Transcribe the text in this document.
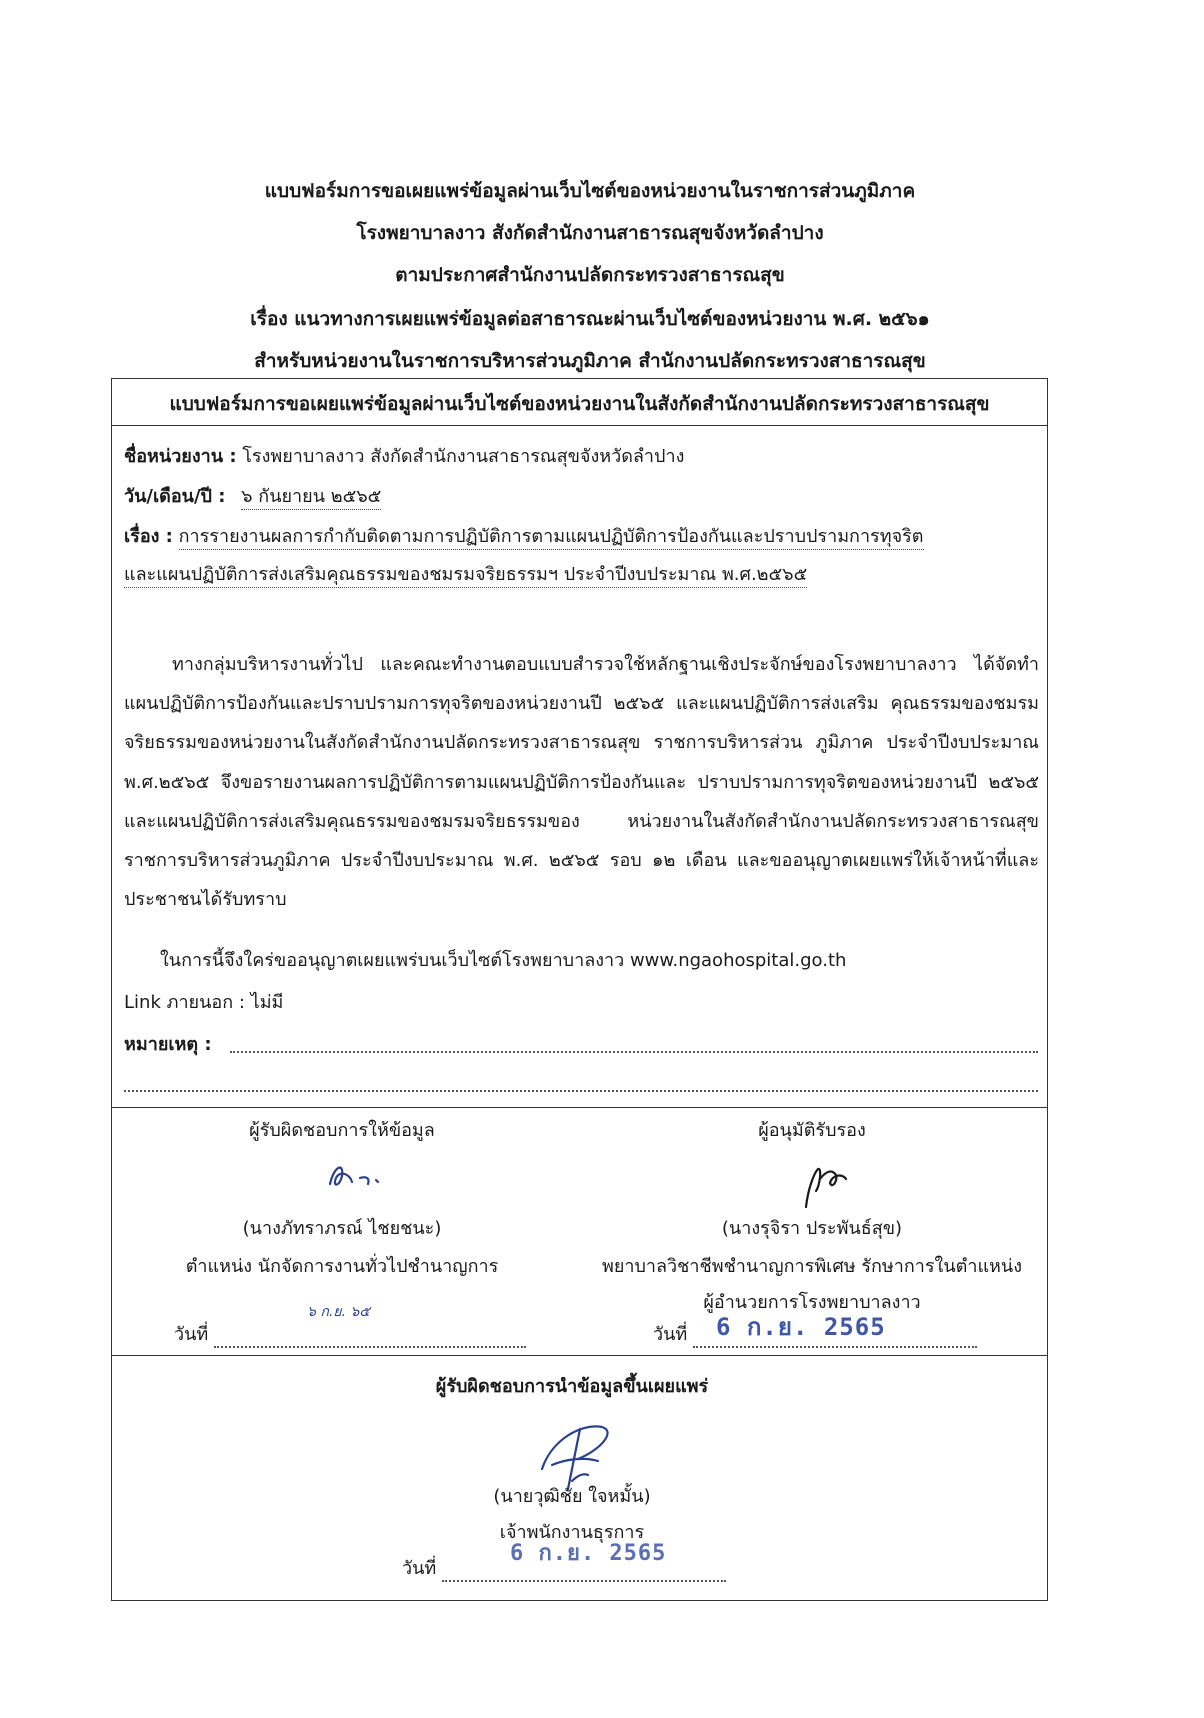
แบบฟอร์มการขอเผยแพร่ข้อมูลผ่านเว็บไซต์ของหน่วยงานในราชการส่วนภูมิภาค
โรงพยาบาลงาว สังกัดสำนักงานสาธารณสุขจังหวัดลำปาง
ตามประกาศสำนักงานปลัดกระทรวงสาธารณสุข
เรื่อง แนวทางการเผยแพร่ข้อมูลต่อสาธารณะผ่านเว็บไซต์ของหน่วยงาน พ.ศ. ๒๕๖๑
สำหรับหน่วยงานในราชการบริหารส่วนภูมิภาค สำนักงานปลัดกระทรวงสาธารณสุข
แบบฟอร์มการขอเผยแพร่ข้อมูลผ่านเว็บไซต์ของหน่วยงานในสังกัดสำนักงานปลัดกระทรวงสาธารณสุข
ชื่อหน่วยงาน : โรงพยาบาลงาว สังกัดสำนักงานสาธารณสุขจังหวัดลำปาง
วัน/เดือน/ปี : ๖ กันยายน ๒๕๖๕
เรื่อง : การรายงานผลการกำกับติดตามการปฏิบัติการตามแผนปฏิบัติการป้องกันและปราบปรามการทุจริต
และแผนปฏิบัติการส่งเสริมคุณธรรมของชมรมจริยธรรมฯ ประจำปีงบประมาณ พ.ศ.๒๕๖๕
ทางกลุ่มบริหารงานทั่วไป และคณะทำงานตอบแบบสำรวจใช้หลักฐานเชิงประจักษ์ของโรงพยาบาลงาว ได้จัดทำแผนปฏิบัติการป้องกันและปราบปรามการทุจริตของหน่วยงานปี ๒๕๖๕ และแผนปฏิบัติการส่งเสริม คุณธรรมของชมรมจริยธรรมของหน่วยงานในสังกัดสำนักงานปลัดกระทรวงสาธารณสุข ราชการบริหารส่วน ภูมิภาค ประจำปีงบประมาณ พ.ศ.๒๕๖๕ จึงขอรายงานผลการปฏิบัติการตามแผนปฏิบัติการป้องกันและ ปราบปรามการทุจริตของหน่วยงานปี ๒๕๖๕ และแผนปฏิบัติการส่งเสริมคุณธรรมของชมรมจริยธรรมของ หน่วยงานในสังกัดสำนักงานปลัดกระทรวงสาธารณสุข ราชการบริหารส่วนภูมิภาค ประจำปีงบประมาณ พ.ศ. ๒๕๖๕ รอบ ๑๒ เดือน และขออนุญาตเผยแพร่ให้เจ้าหน้าที่และประชาชนได้รับทราบ
ในการนี้จึงใคร่ขออนุญาตเผยแพร่บนเว็บไซต์โรงพยาบาลงาว www.ngaohospital.go.th
Link ภายนอก : ไม่มี
หมายเหตุ :
ผู้รับผิดชอบการให้ข้อมูล
(นางภัทราภรณ์ ไชยชนะ)
ตำแหน่ง นักจัดการงานทั่วไปชำนาญการ
๖ ก.ย. ๖๕
วันที่
ผู้อนุมัติรับรอง
(นางรุจิรา ประพันธ์สุข)
พยาบาลวิชาชีพชำนาญการพิเศษ รักษาการในตำแหน่ง
ผู้อำนวยการโรงพยาบาลงาว
วันที่	6 ก.ย. 2565
ผู้รับผิดชอบการนำข้อมูลขึ้นเผยแพร่
(นายวุฒิชัย ใจหมั้น)
เจ้าพนักงานธุรการ
วันที่
6 ก.ย. 2565
